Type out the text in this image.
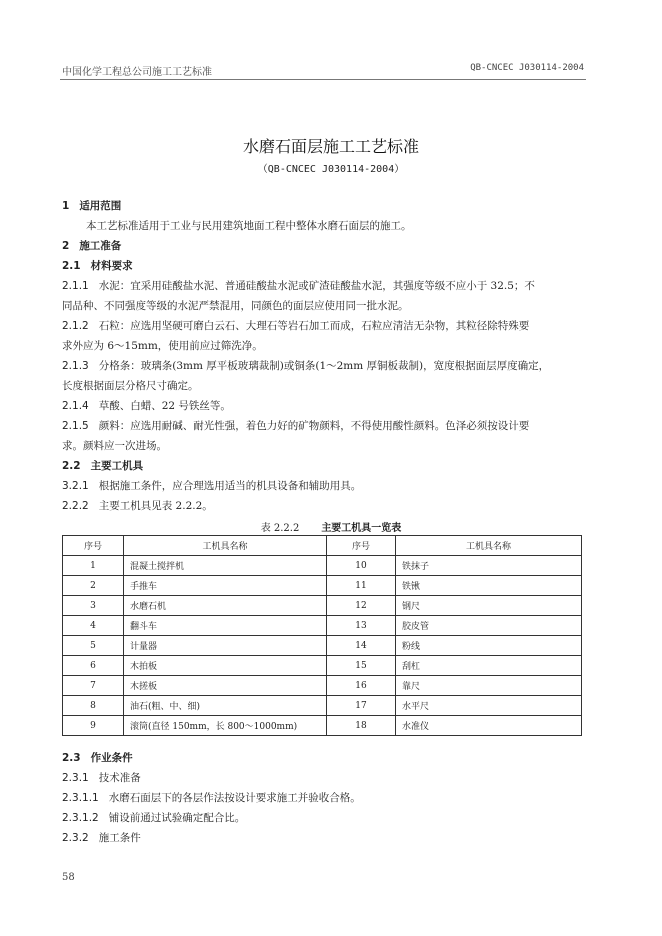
中国化学工程总公司施工工艺标准	QB-CNCEC J030114-2004
水磨石面层施工工艺标准
（QB-CNCEC J030114-2004）
1 适用范围
本工艺标准适用于工业与民用建筑地面工程中整体水磨石面层的施工。
2 施工准备
2.1 材料要求
2.1.1 水泥：宜采用硅酸盐水泥、普通硅酸盐水泥或矿渣硅酸盐水泥，其强度等级不应小于 32.5；不
同品种、不同强度等级的水泥严禁混用，同颜色的面层应使用同一批水泥。
2.1.2 石粒：应选用坚硬可磨白云石、大理石等岩石加工而成，石粒应清洁无杂物，其粒径除特殊要
求外应为 6～15mm，使用前应过筛洗净。
2.1.3 分格条：玻璃条(3mm 厚平板玻璃裁制)或铜条(1～2mm 厚铜板裁制)，宽度根据面层厚度确定，
长度根据面层分格尺寸确定。
2.1.4 草酸、白蜡、22 号铁丝等。
2.1.5 颜料：应选用耐碱、耐光性强，着色力好的矿物颜料，不得使用酸性颜料。色泽必须按设计要
求。颜料应一次进场。
2.2 主要工机具
3.2.1 根据施工条件，应合理选用适当的机具设备和辅助用具。
2.2.2 主要工机具见表 2.2.2。
表 2.2.2 主要工机具一览表
序号	工机具名称	序号	工机具名称
1	混凝土搅拌机	10	铁抹子
2	手推车	11	铁锹
3	水磨石机	12	钢尺
4	翻斗车	13	胶皮管
5	计量器	14	粉线
6	木拍板	15	刮杠
7	木搓板	16	靠尺
8	油石(粗、中、细)	17	水平尺
9	滚筒(直径 150mm，长 800～1000mm)	18	水准仪
2.3 作业条件
2.3.1 技术准备
2.3.1.1 水磨石面层下的各层作法按设计要求施工并验收合格。
2.3.1.2 铺设前通过试验确定配合比。
2.3.2 施工条件
58
